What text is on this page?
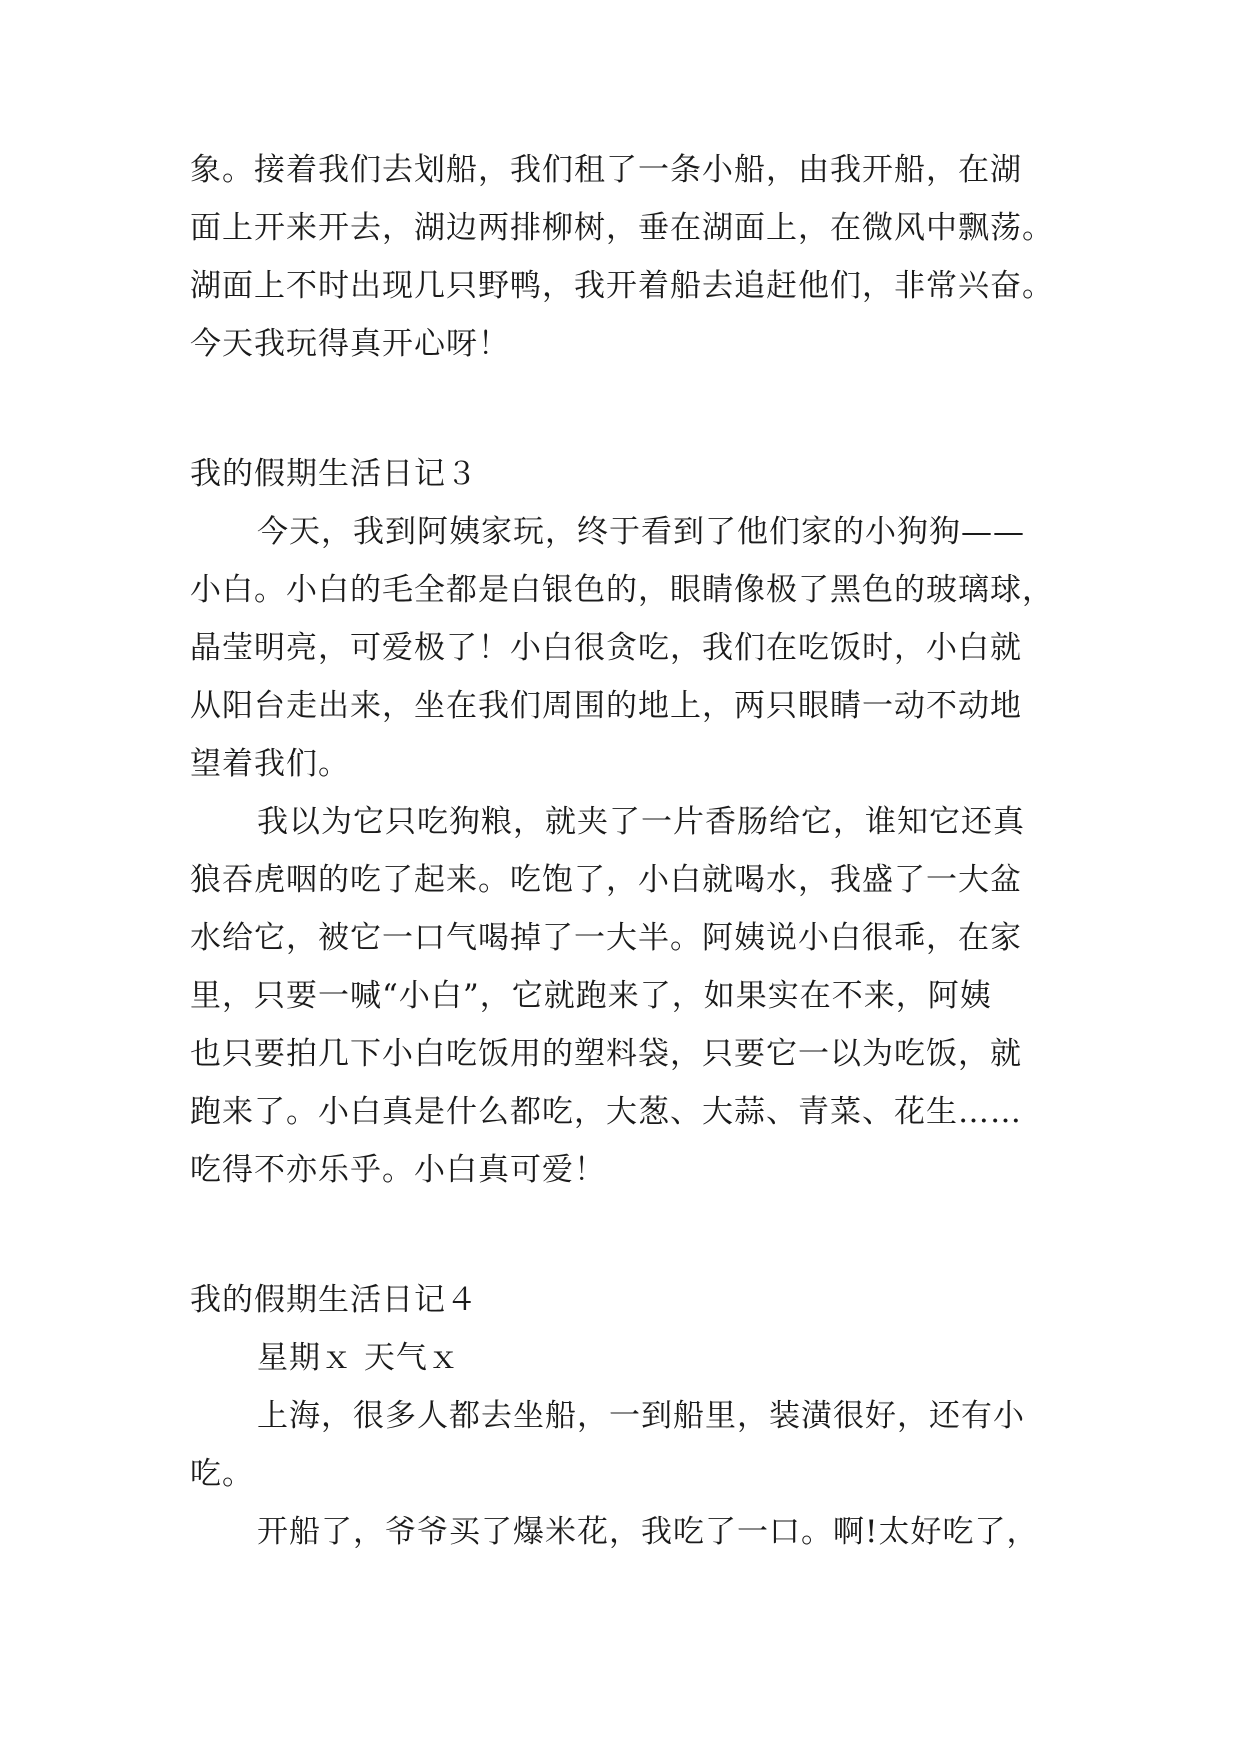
象。接着我们去划船，我们租了一条小船，由我开船，在湖

面上开来开去，湖边两排柳树，垂在湖面上，在微风中飘荡。

湖面上不时出现几只野鸭，我开着船去追赶他们，非常兴奋。

今天我玩得真开心呀！

我的假期生活日记３

今天，我到阿姨家玩，终于看到了他们家的小狗狗——

小白。小白的毛全都是白银色的，眼睛像极了黑色的玻璃球，

晶莹明亮，可爱极了！小白很贪吃，我们在吃饭时，小白就

从阳台走出来，坐在我们周围的地上，两只眼睛一动不动地

望着我们。

我以为它只吃狗粮，就夹了一片香肠给它，谁知它还真

狼吞虎咽的吃了起来。吃饱了，小白就喝水，我盛了一大盆

水给它，被它一口气喝掉了一大半。阿姨说小白很乖，在家

里，只要一喊“小白”，它就跑来了，如果实在不来，阿姨

也只要拍几下小白吃饭用的塑料袋，只要它一以为吃饭，就

跑来了。小白真是什么都吃，大葱、大蒜、青菜、花生……

吃得不亦乐乎。小白真可爱！

我的假期生活日记４

星期ｘ 天气ｘ

上海，很多人都去坐船，一到船里，装潢很好，还有小

吃。

开船了，爷爷买了爆米花，我吃了一口。啊!太好吃了，
